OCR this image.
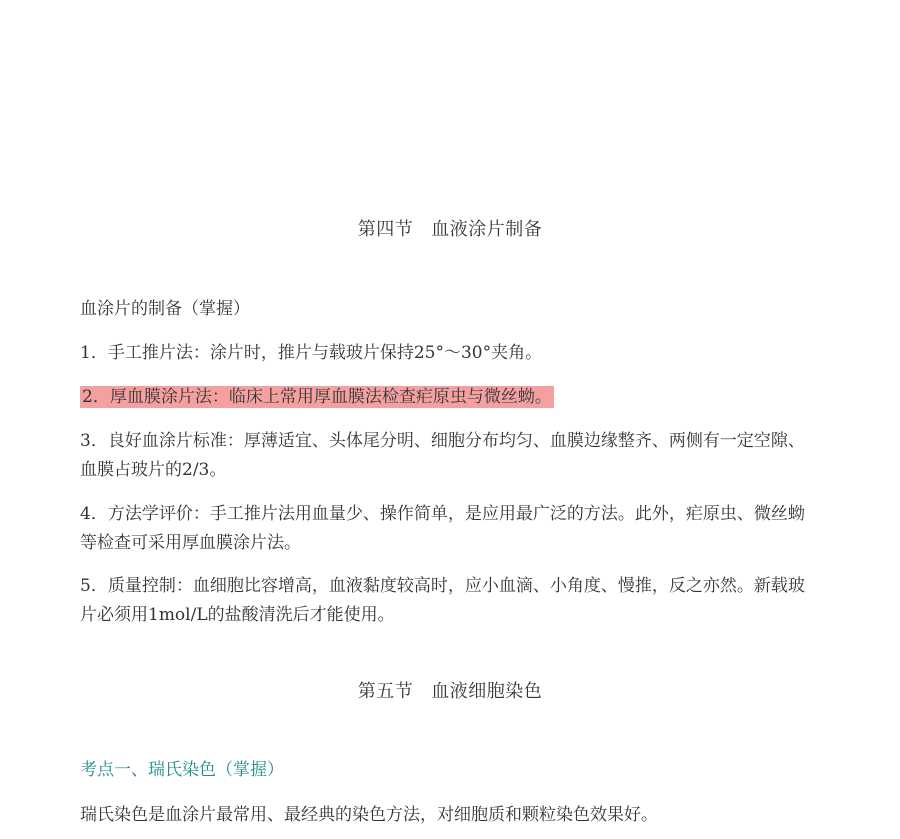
第四节 血液涂片制备
血涂片的制备（掌握）
1．手工推片法：涂片时，推片与载玻片保持25°～30°夹角。
2．厚血膜涂片法：临床上常用厚血膜法检查疟原虫与微丝蚴。
3．良好血涂片标准：厚薄适宜、头体尾分明、细胞分布均匀、血膜边缘整齐、两侧有一定空隙、血膜占玻片的2/3。
4．方法学评价：手工推片法用血量少、操作简单，是应用最广泛的方法。此外，疟原虫、微丝蚴等检查可采用厚血膜涂片法。
5．质量控制：血细胞比容增高，血液黏度较高时，应小血滴、小角度、慢推，反之亦然。新载玻片必须用1mol/L的盐酸清洗后才能使用。
第五节 血液细胞染色
考点一、瑞氏染色（掌握）
瑞氏染色是血涂片最常用、最经典的染色方法，对细胞质和颗粒染色效果好。
